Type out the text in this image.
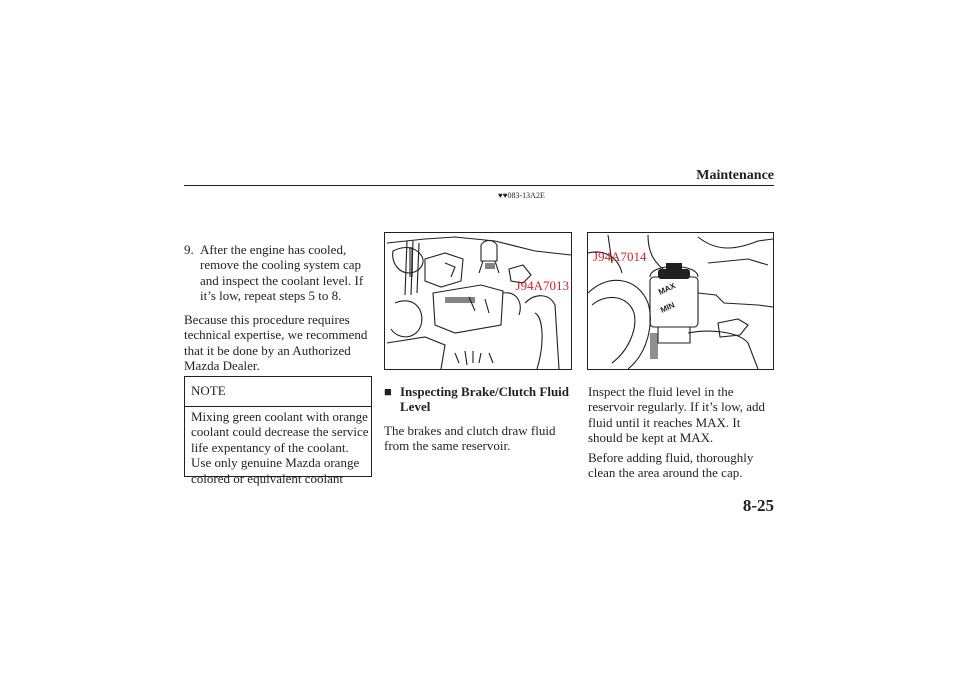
Maintenance
♥♥083-13A2E
9. After the engine has cooled, remove the cooling system cap and inspect the coolant level. If it’s low, repeat steps 5 to 8.
Because this procedure requires technical expertise, we recommend that it be done by an Authorized Mazda Dealer.
NOTE
Mixing green coolant with orange coolant could decrease the service life expentancy of the coolant. Use only genuine Mazda orange colored or equivalent coolant
J94A7013	MAX
MIN
J94A7014
■ Inspecting Brake/Clutch Fluid Level
The brakes and clutch draw fluid from the same reservoir.
Inspect the fluid level in the reservoir regularly. If it’s low, add fluid until it reaches MAX. It should be kept at MAX.
Before adding fluid, thoroughly clean the area around the cap.
8-25
